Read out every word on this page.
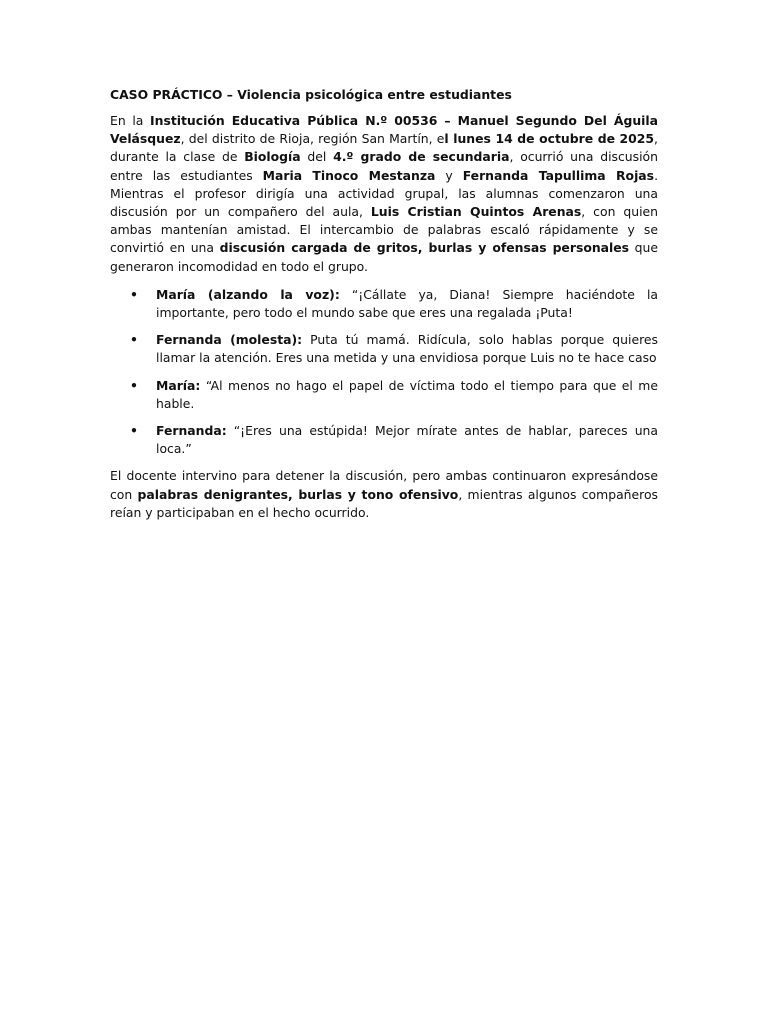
CASO PRÁCTICO – Violencia psicológica entre estudiantes

En la Institución Educativa Pública N.º 00536 – Manuel Segundo Del Águila Velásquez, del distrito de Rioja, región San Martín, el lunes 14 de octubre de 2025, durante la clase de Biología del 4.º grado de secundaria, ocurrió una discusión entre las estudiantes Maria Tinoco Mestanza y Fernanda Tapullima Rojas. Mientras el profesor dirigía una actividad grupal, las alumnas comenzaron una discusión por un compañero del aula, Luis Cristian Quintos Arenas, con quien ambas mantenían amistad. El intercambio de palabras escaló rápidamente y se convirtió en una discusión cargada de gritos, burlas y ofensas personales que generaron incomodidad en todo el grupo.

• María (alzando la voz): “¡Cállate ya, Diana! Siempre haciéndote la importante, pero todo el mundo sabe que eres una regalada ¡Puta!
• Fernanda (molesta): Puta tú mamá. Ridícula, solo hablas porque quieres llamar la atención. Eres una metida y una envidiosa porque Luis no te hace caso
• María: “Al menos no hago el papel de víctima todo el tiempo para que el me hable.
• Fernanda: “¡Eres una estúpida! Mejor mírate antes de hablar, pareces una loca.”

El docente intervino para detener la discusión, pero ambas continuaron expresándose con palabras denigrantes, burlas y tono ofensivo, mientras algunos compañeros reían y participaban en el hecho ocurrido.
